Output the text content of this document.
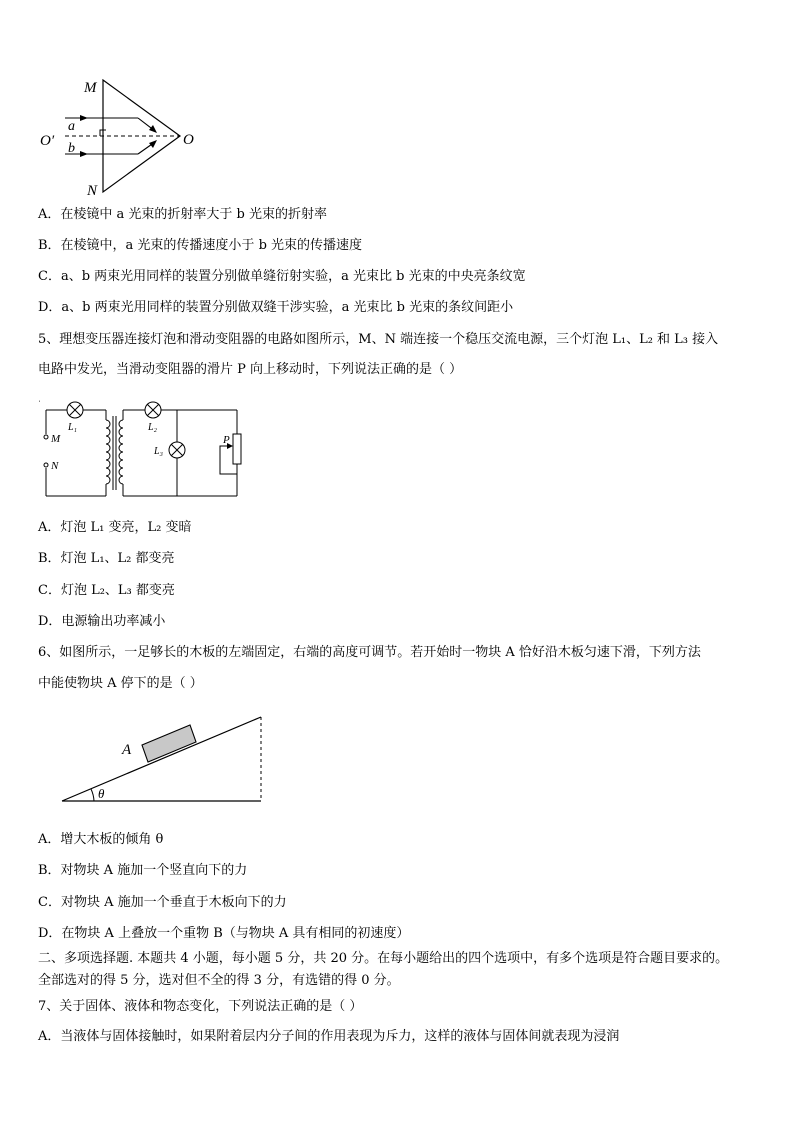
M
N
O′	O
a
b
A．在棱镜中 a 光束的折射率大于 b 光束的折射率
B．在棱镜中，a 光束的传播速度小于 b 光束的传播速度
C．a、b 两束光用同样的装置分别做单缝衍射实验，a 光束比 b 光束的中央亮条纹宽
D．a、b 两束光用同样的装置分别做双缝干涉实验，a 光束比 b 光束的条纹间距小
5、理想变压器连接灯泡和滑动变阻器的电路如图所示，M、N 端连接一个稳压交流电源，三个灯泡 L₁、L₂ 和 L₃ 接入
电路中发光，当滑动变阻器的滑片 P 向上移动时，下列说法正确的是（ ）
ˈ
M
N
L₁	L₂
L₃
P
A．灯泡 L₁ 变亮，L₂ 变暗
B．灯泡 L₁、L₂ 都变亮
C．灯泡 L₂、L₃ 都变亮
D．电源输出功率减小
6、如图所示，一足够长的木板的左端固定，右端的高度可调节。若开始时一物块 A 恰好沿木板匀速下滑，下列方法
中能使物块 A 停下的是（ ）
A
θ
A．增大木板的倾角 θ
B．对物块 A 施加一个竖直向下的力
C．对物块 A 施加一个垂直于木板向下的力
D．在物块 A 上叠放一个重物 B（与物块 A 具有相同的初速度）
二、多项选择题. 本题共 4 小题，每小题 5 分，共 20 分。在每小题给出的四个选项中，有多个选项是符合题目要求的。
全部选对的得 5 分，选对但不全的得 3 分，有选错的得 0 分。
7、关于固体、液体和物态变化，下列说法正确的是（ ）
A．当液体与固体接触时，如果附着层内分子间的作用表现为斥力，这样的液体与固体间就表现为浸润
